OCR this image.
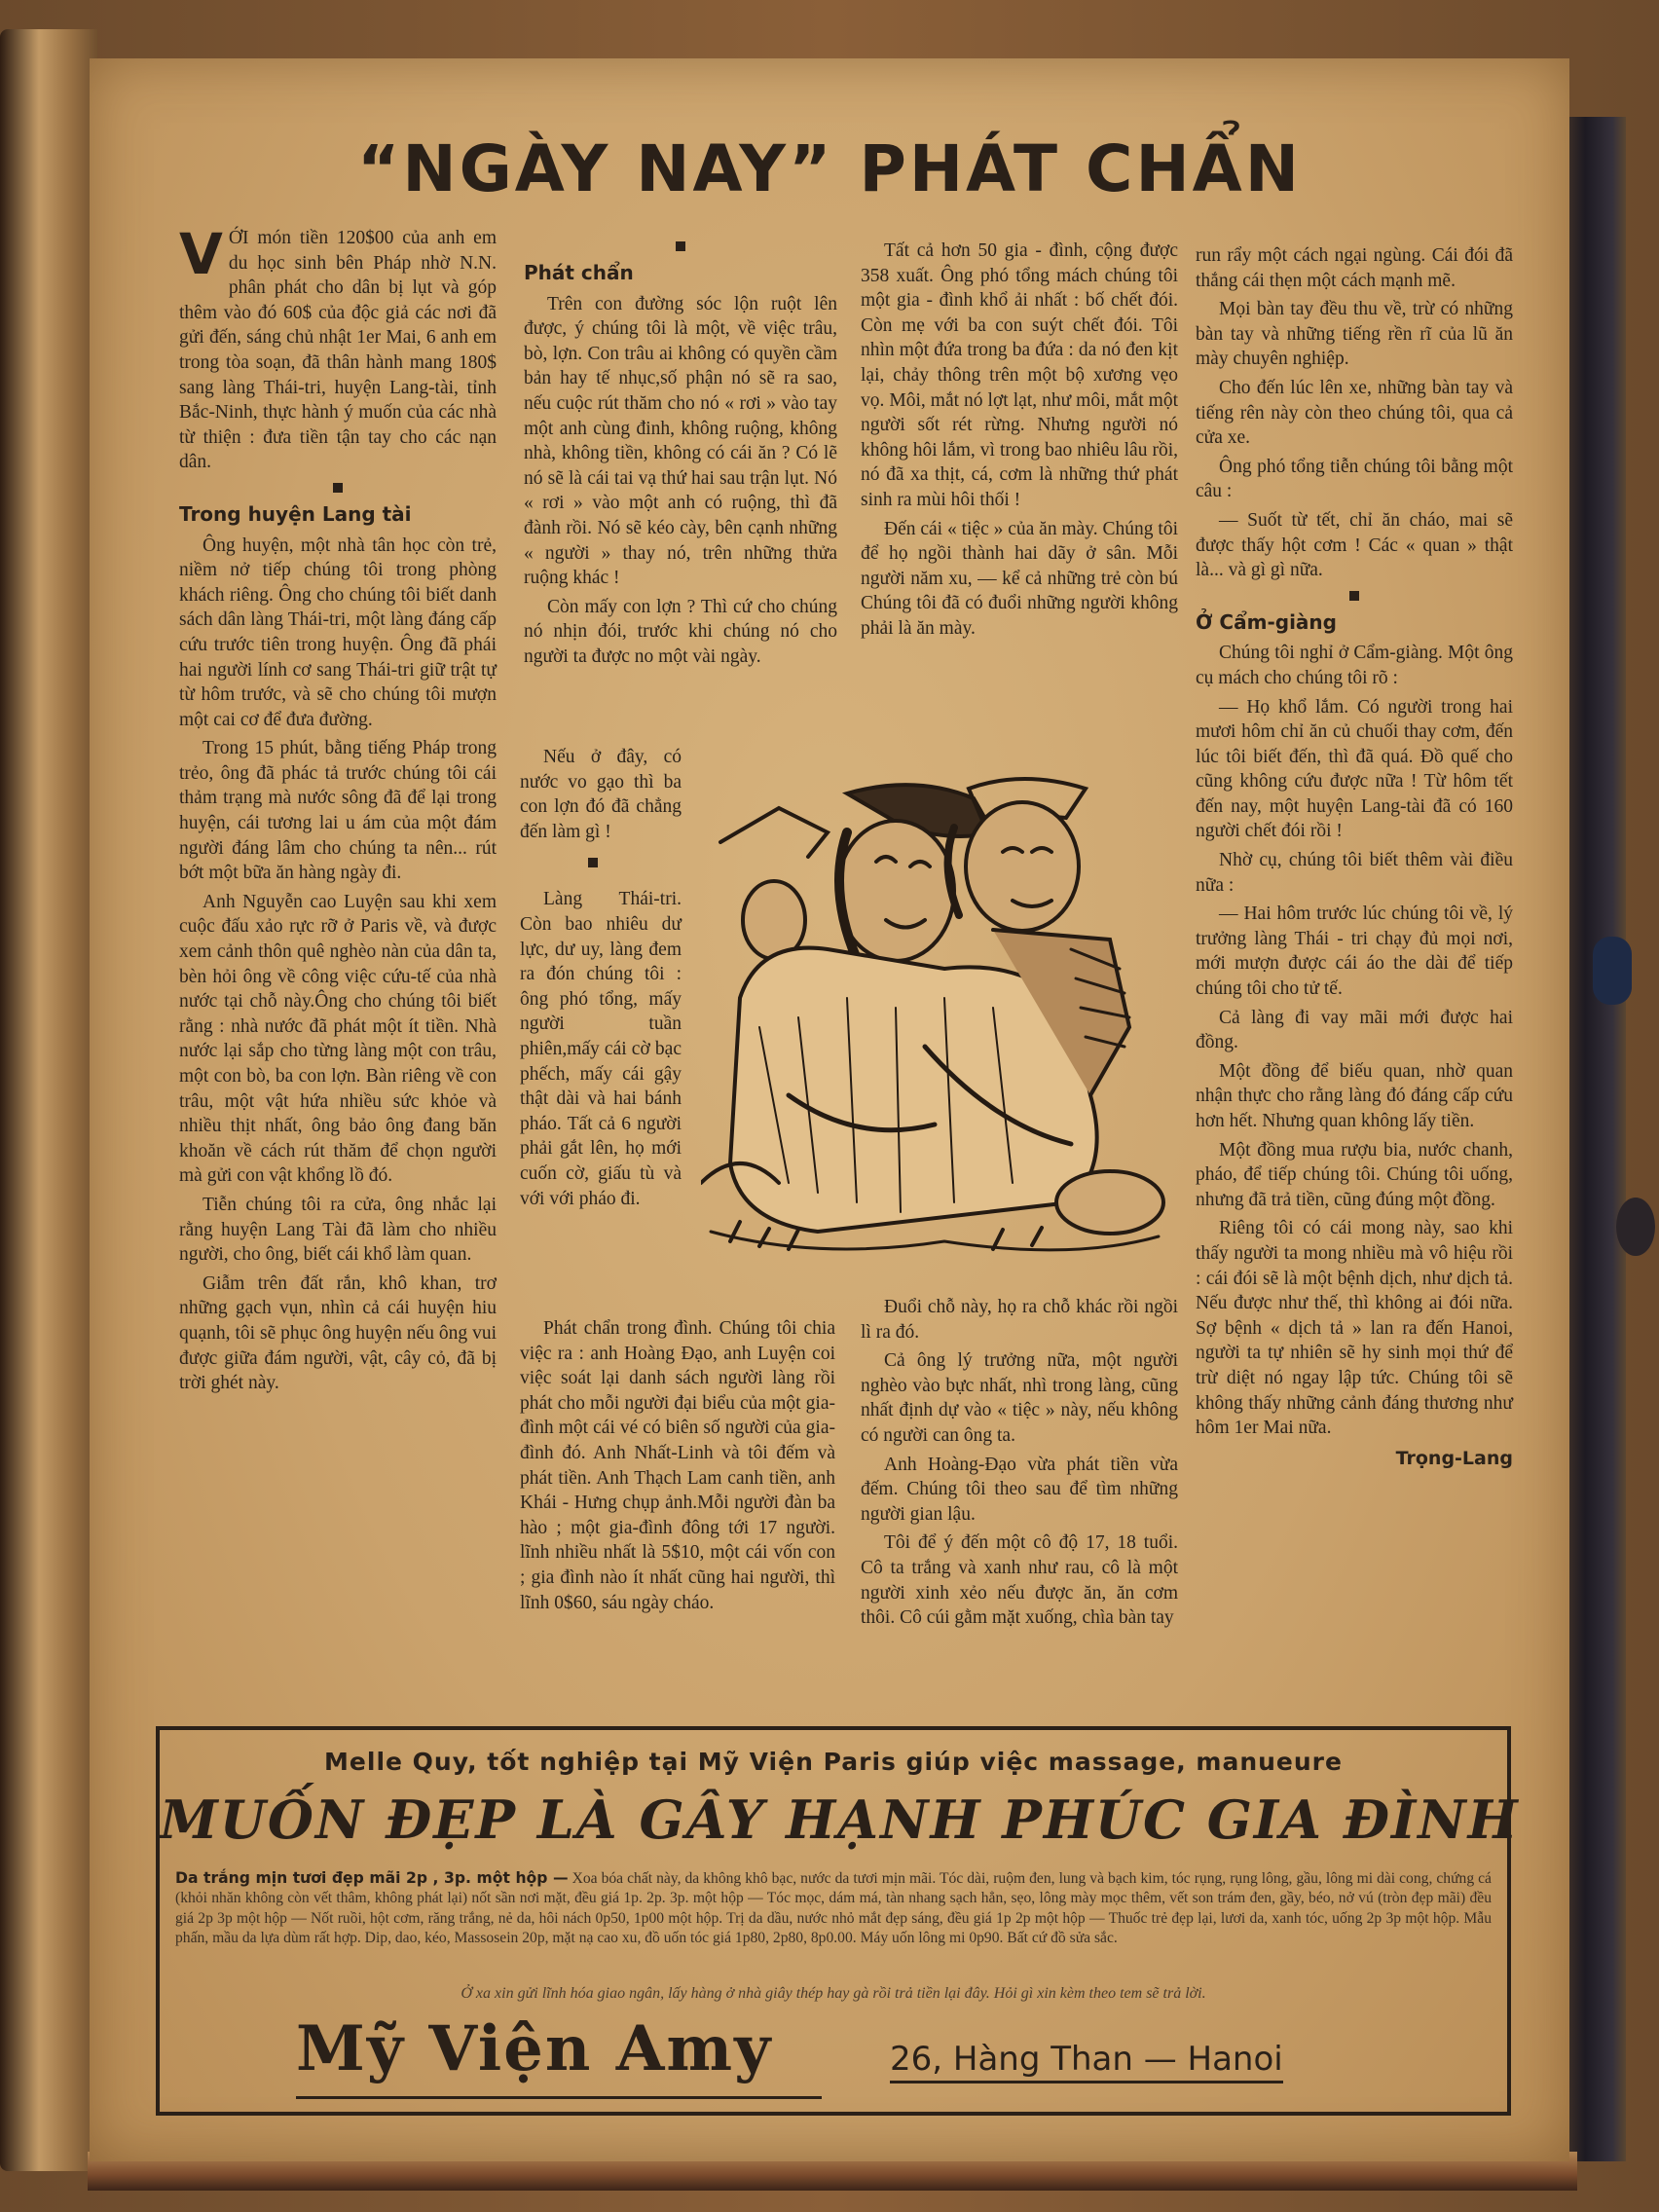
“NGÀY NAY” PHÁT CHẨN

VỚI món tiền 120$00 của anh em du học sinh bên Pháp nhờ N.N. phân phát cho dân bị lụt và góp thêm vào đó 60$ của độc giả các nơi đã gửi đến, sáng chủ nhật 1er Mai, 6 anh em trong tòa soạn, đã thân hành mang 180$ sang làng Thái-tri, huyện Lang-tài, tỉnh Bắc-Ninh, thực hành ý muốn của các nhà từ thiện : đưa tiền tận tay cho các nạn dân.

Trong huyện Lang tài

Ông huyện, một nhà tân học còn trẻ, niềm nở tiếp chúng tôi trong phòng khách riêng. Ông cho chúng tôi biết danh sách dân làng Thái-tri, một làng đáng cấp cứu trước tiên trong huyện. Ông đã phái hai người lính cơ sang Thái-tri giữ trật tự từ hôm trước, và sẽ cho chúng tôi mượn một cai cơ để đưa đường.

Trong 15 phút, bằng tiếng Pháp trong trẻo, ông đã phác tả trước chúng tôi cái thảm trạng mà nước sông đã để lại trong huyện, cái tương lai u ám của một đám người đáng lâm cho chúng ta nên... rút bớt một bữa ăn hàng ngày đi.

Anh Nguyễn cao Luyện sau khi xem cuộc đấu xảo rực rỡ ở Paris về, và được xem cảnh thôn quê nghèo nàn của dân ta, bèn hỏi ông về công việc cứu-tế của nhà nước tại chỗ này.Ông cho chúng tôi biết rằng : nhà nước đã phát một ít tiền. Nhà nước lại sắp cho từng làng một con trâu, một con bò, ba con lợn. Bàn riêng về con trâu, một vật hứa nhiều sức khỏe và nhiều thịt nhất, ông bảo ông đang băn khoăn về cách rút thăm để chọn người mà gửi con vật khổng lồ đó.

Tiễn chúng tôi ra cửa, ông nhắc lại rằng huyện Lang Tài đã làm cho nhiều người, cho ông, biết cái khổ làm quan.

Giẫm trên đất rắn, khô khan, trơ những gạch vụn, nhìn cả cái huyện hiu quạnh, tôi sẽ phục ông huyện nếu ông vui được giữa đám người, vật, cây cỏ, đã bị trời ghét này.

Phát chẩn

Trên con đường sóc lộn ruột lên được, ý chúng tôi là một, về việc trâu, bò, lợn. Con trâu ai không có quyền cầm bản hay tế nhục,số phận nó sẽ ra sao, nếu cuộc rút thăm cho nó « rơi » vào tay một anh cùng đinh, không ruộng, không nhà, không tiền, không có cái ăn ? Có lẽ nó sẽ là cái tai vạ thứ hai sau trận lụt. Nó « rơi » vào một anh có ruộng, thì đã đành rồi. Nó sẽ kéo cày, bên cạnh những « người » thay nó, trên những thửa ruộng khác !

Còn mấy con lợn ? Thì cứ cho chúng nó nhịn đói, trước khi chúng nó cho người ta được no một vài ngày.

Nếu ở đây, có nước vo gạo thì ba con lợn đó đã chẳng đến làm gì !

Làng Thái-tri. Còn bao nhiêu dư lực, dư uy, làng đem ra đón chúng tôi : ông phó tổng, mấy người tuần phiên,mấy cái cờ bạc phếch, mấy cái gậy thật dài và hai bánh pháo. Tất cả 6 người phải gắt lên, họ mới cuốn cờ, giấu tù và với với pháo đi.

Phát chẩn trong đình. Chúng tôi chia việc ra : anh Hoàng Đạo, anh Luyện coi việc soát lại danh sách người làng rồi phát cho mỗi người đại biểu của một gia- đình một cái vé có biên số người của gia-đình đó. Anh Nhất-Linh và tôi đếm và phát tiền. Anh Thạch Lam canh tiền, anh Khái - Hưng chụp ảnh.Mỗi người đàn ba hào ; một gia-đình đông tới 17 người. lĩnh nhiều nhất là 5$10, một cái vốn con ; gia đình nào ít nhất cũng hai người, thì lĩnh 0$60, sáu ngày cháo.

Tất cả hơn 50 gia - đình, cộng được 358 xuất. Ông phó tổng mách chúng tôi một gia - đình khổ ải nhất : bố chết đói. Còn mẹ với ba con suýt chết đói. Tôi nhìn một đứa trong ba đứa : da nó đen kịt lại, chảy thông trên một bộ xương vẹo vọ. Môi, mắt nó lợt lạt, như môi, mắt một người sốt rét rừng. Nhưng người nó không hôi lắm, vì trong bao nhiêu lâu rồi, nó đã xa thịt, cá, cơm là những thứ phát sinh ra mùi hôi thối !

Đến cái « tiệc » của ăn mày. Chúng tôi để họ ngồi thành hai dãy ở sân. Mỗi người năm xu, — kể cả những trẻ còn bú Chúng tôi đã có đuổi những người không phải là ăn mày.

Đuổi chỗ này, họ ra chỗ khác rồi ngồi lì ra đó.

Cả ông lý trưởng nữa, một người nghèo vào bực nhất, nhì trong làng, cũng nhất định dự vào « tiệc » này, nếu không có người can ông ta.

Anh Hoàng-Đạo vừa phát tiền vừa đếm. Chúng tôi theo sau để tìm những người gian lậu.

Tôi để ý đến một cô độ 17, 18 tuổi. Cô ta trắng và xanh như rau, cô là một người xinh xẻo nếu được ăn, ăn cơm thôi. Cô cúi gằm mặt xuống, chìa bàn tay

run rẩy một cách ngại ngùng. Cái đói đã thắng cái thẹn một cách mạnh mẽ.

Mọi bàn tay đều thu về, trừ có những bàn tay và những tiếng rền rĩ của lũ ăn mày chuyên nghiệp.

Cho đến lúc lên xe, những bàn tay và tiếng rên này còn theo chúng tôi, qua cả cửa xe.

Ông phó tổng tiễn chúng tôi bằng một câu :

— Suốt từ tết, chỉ ăn cháo, mai sẽ được thấy hột cơm ! Các « quan » thật là... và gì gì nữa.

Ở Cẩm-giàng

Chúng tôi nghỉ ở Cẩm-giàng. Một ông cụ mách cho chúng tôi rõ :

— Họ khổ lắm. Có người trong hai mươi hôm chỉ ăn củ chuối thay cơm, đến lúc tôi biết đến, thì đã quá. Đồ quế cho cũng không cứu được nữa ! Từ hôm tết đến nay, một huyện Lang-tài đã có 160 người chết đói rồi !

Nhờ cụ, chúng tôi biết thêm vài điều nữa :

— Hai hôm trước lúc chúng tôi về, lý trưởng làng Thái - tri chạy đủ mọi nơi, mới mượn được cái áo the dài để tiếp chúng tôi cho tử tế.

Cả làng đi vay mãi mới được hai đồng.

Một đồng để biếu quan, nhờ quan nhận thực cho rằng làng đó đáng cấp cứu hơn hết. Nhưng quan không lấy tiền.

Một đồng mua rượu bia, nước chanh, pháo, để tiếp chúng tôi. Chúng tôi uống, nhưng đã trả tiền, cũng đúng một đồng.

Riêng tôi có cái mong này, sao khi thấy người ta mong nhiều mà vô hiệu rồi : cái đói sẽ là một bệnh dịch, như dịch tả. Nếu được như thế, thì không ai đói nữa. Sợ bệnh « dịch tả » lan ra đến Hanoi, người ta tự nhiên sẽ hy sinh mọi thứ để trừ diệt nó ngay lập tức. Chúng tôi sẽ không thấy những cảnh đáng thương như hôm 1er Mai nữa.

Trọng-Lang
Melle Quy, tốt nghiệp tại Mỹ Viện Paris giúp việc massage, manueure
MUỐN ĐẸP LÀ GÂY HẠNH PHÚC GIA ĐÌNH
Da trắng mịn tươi đẹp mãi 2p , 3p. một hộp — Xoa bóa chất này, da không khô bạc, nước da tươi mịn mãi. Tóc dài, ruộm đen, lung và bạch kim, tóc rụng, rụng lông, gầu, lông mi dài cong, chứng cá (khỏi nhăn không còn vết thâm, không phát lại) nốt sần nơi mặt, đều giá 1p. 2p. 3p. một hộp — Tóc mọc, dám má, tàn nhang sạch hẳn, sẹo, lông mày mọc thêm, vết son trám đen, gầy, béo, nở vú (tròn đẹp mãi) đều giá 2p 3p một hộp — Nốt ruồi, hột cơm, răng trắng, nẻ da, hôi nách 0p50, 1p00 một hộp. Trị da dầu, nước nhỏ mắt đẹp sáng, đều giá 1p 2p một hộp — Thuốc trẻ đẹp lại, lươi da, xanh tóc, uống 2p 3p một hộp. Mẫu phấn, mầu da lựa dùm rất hợp. Dip, dao, kéo, Massosein 20p, mặt nạ cao xu, đồ uốn tóc giá 1p80, 2p80, 8p0.00. Máy uốn lông mi 0p90. Bất cứ đồ sửa sắc.
Ở xa xin gửi lĩnh hóa giao ngân, lấy hàng ở nhà giây thép hay gà rồi trả tiền lại đây. Hỏi gì xin kèm theo tem sẽ trả lời.
Mỹ Viện Amy	26, Hàng Than — Hanoi
